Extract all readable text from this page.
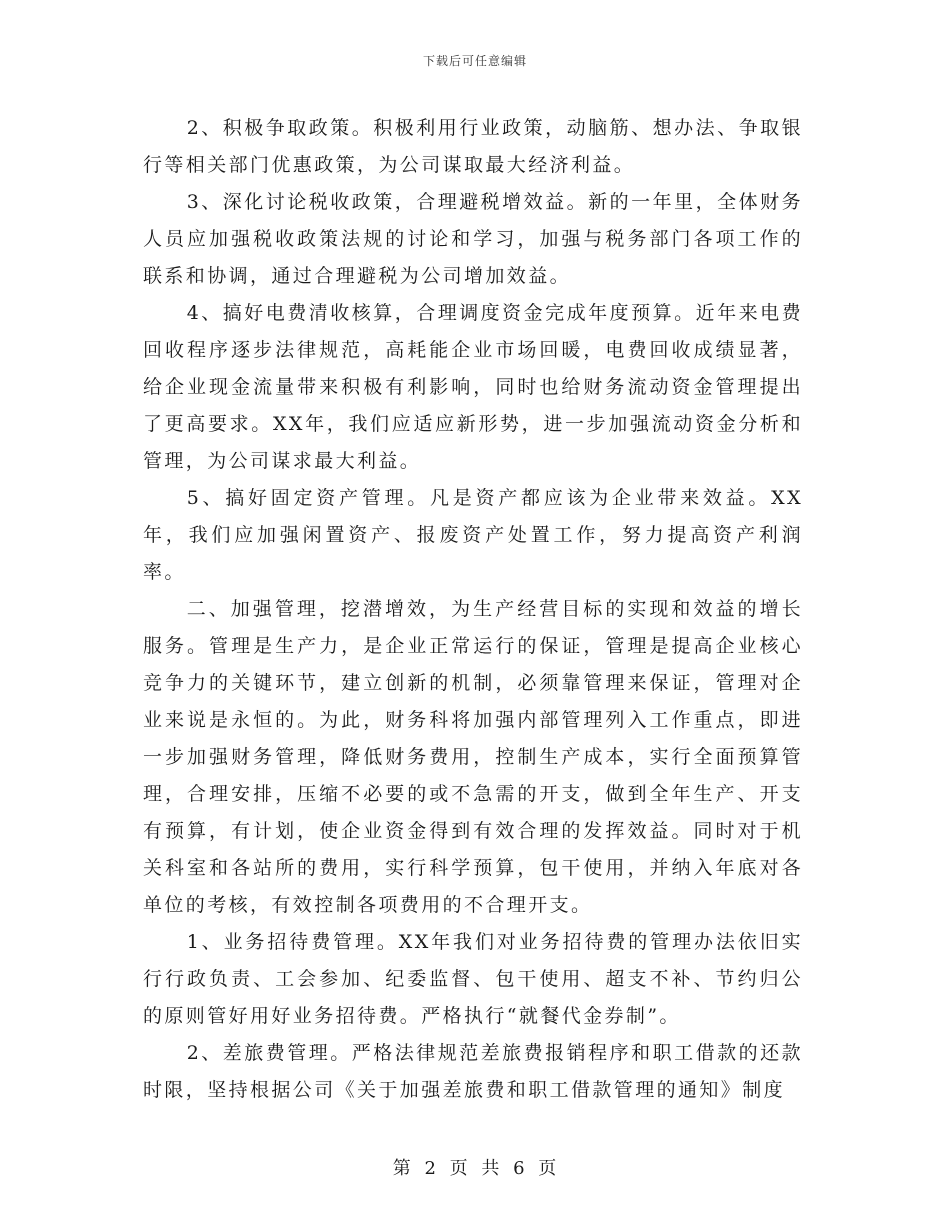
下载后可任意编辑

2、积极争取政策。积极利用行业政策，动脑筋、想办法、争取银行等相关部门优惠政策，为公司谋取最大经济利益。

3、深化讨论税收政策，合理避税增效益。新的一年里，全体财务人员应加强税收政策法规的讨论和学习，加强与税务部门各项工作的联系和协调，通过合理避税为公司增加效益。

4、搞好电费清收核算，合理调度资金完成年度预算。近年来电费回收程序逐步法律规范，高耗能企业市场回暖，电费回收成绩显著，给企业现金流量带来积极有利影响，同时也给财务流动资金管理提出了更高要求。XX年，我们应适应新形势，进一步加强流动资金分析和管理，为公司谋求最大利益。

5、搞好固定资产管理。凡是资产都应该为企业带来效益。XX年，我们应加强闲置资产、报废资产处置工作，努力提高资产利润率。

二、加强管理，挖潜增效，为生产经营目标的实现和效益的增长服务。管理是生产力，是企业正常运行的保证，管理是提高企业核心竞争力的关键环节，建立创新的机制，必须靠管理来保证，管理对企业来说是永恒的。为此，财务科将加强内部管理列入工作重点，即进一步加强财务管理，降低财务费用，控制生产成本，实行全面预算管理，合理安排，压缩不必要的或不急需的开支，做到全年生产、开支有预算，有计划，使企业资金得到有效合理的发挥效益。同时对于机关科室和各站所的费用，实行科学预算，包干使用，并纳入年底对各单位的考核，有效控制各项费用的不合理开支。

1、业务招待费管理。XX年我们对业务招待费的管理办法依旧实行行政负责、工会参加、纪委监督、包干使用、超支不补、节约归公的原则管好用好业务招待费。严格执行“就餐代金券制”。

2、差旅费管理。严格法律规范差旅费报销程序和职工借款的还款时限，坚持根据公司《关于加强差旅费和职工借款管理的通知》制度

第 2 页 共 6 页
